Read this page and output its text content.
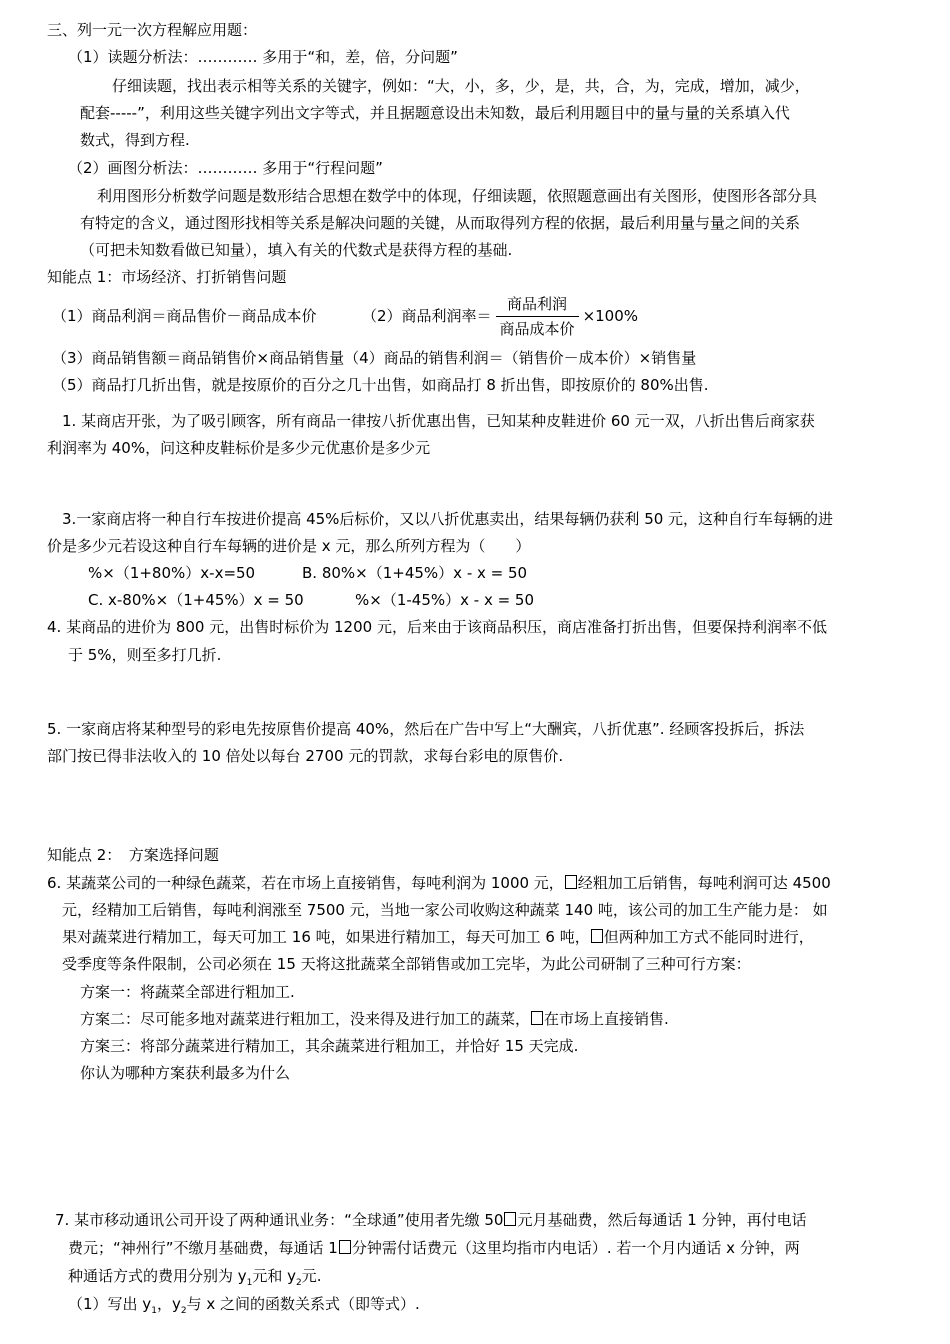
三、列一元一次方程解应用题：
（1）读题分析法：………… 多用于“和，差，倍，分问题”
仔细读题，找出表示相等关系的关键字，例如：“大，小，多，少，是，共，合，为，完成，增加，减少，
配套-----”，利用这些关键字列出文字等式，并且据题意设出未知数，最后利用题目中的量与量的关系填入代
数式，得到方程.
（2）画图分析法：………… 多用于“行程问题”
利用图形分析数学问题是数形结合思想在数学中的体现，仔细读题，依照题意画出有关图形，使图形各部分具
有特定的含义，通过图形找相等关系是解决问题的关键，从而取得列方程的依据，最后利用量与量之间的关系
（可把未知数看做已知量），填入有关的代数式是获得方程的基础.
知能点 1：市场经济、打折销售问题
（1）商品利润＝商品售价－商品成本价	（2）商品利润率＝ $\frac{\text{商品利润}}{\text{商品成本价}} \times 100\%$
（3）商品销售额＝商品销售价×商品销售量（4）商品的销售利润＝（销售价－成本价）×销售量
（5）商品打几折出售，就是按原价的百分之几十出售，如商品打 8 折出售，即按原价的 80%出售.
1. 某商店开张，为了吸引顾客，所有商品一律按八折优惠出售，已知某种皮鞋进价 60 元一双，八折出售后商家获
利润率为 40%，问这种皮鞋标价是多少元优惠价是多少元
3.一家商店将一种自行车按进价提高 45%后标价，又以八折优惠卖出，结果每辆仍获利 50 元，这种自行车每辆的进
价是多少元若设这种自行车每辆的进价是 x 元，那么所列方程为（　　）
%×（1+80%）x-x=50	B. 80%×（1+45%）x - x = 50
C. x-80%×（1+45%）x = 50	%×（1-45%）x - x = 50
4. 某商品的进价为 800 元，出售时标价为 1200 元，后来由于该商品积压，商店准备打折出售，但要保持利润率不低
于 5%，则至多打几折.
5. 一家商店将某种型号的彩电先按原售价提高 40%，然后在广告中写上“大酬宾，八折优惠”. 经顾客投拆后，拆法
部门按已得非法收入的 10 倍处以每台 2700 元的罚款，求每台彩电的原售价.
知能点 2：　方案选择问题
6. 某蔬菜公司的一种绿色蔬菜，若在市场上直接销售，每吨利润为 1000 元， 经粗加工后销售，每吨利润可达 4500
元，经精加工后销售，每吨利润涨至 7500 元，当地一家公司收购这种蔬菜 140 吨，该公司的加工生产能力是： 如
果对蔬菜进行精加工，每天可加工 16 吨，如果进行精加工，每天可加工 6 吨， 但两种加工方式不能同时进行，
受季度等条件限制，公司必须在 15 天将这批蔬菜全部销售或加工完毕，为此公司研制了三种可行方案：
方案一：将蔬菜全部进行粗加工.
方案二：尽可能多地对蔬菜进行粗加工，没来得及进行加工的蔬菜， 在市场上直接销售.
方案三：将部分蔬菜进行精加工，其余蔬菜进行粗加工，并恰好 15 天完成.
你认为哪种方案获利最多为什么
7. 某市移动通讯公司开设了两种通讯业务：“全球通”使用者先缴 50 元月基础费，然后每通话 1 分钟，再付电话
费元；“神州行”不缴月基础费，每通话 1 分钟需付话费元（这里均指市内电话）. 若一个月内通话 x 分钟，两
种通话方式的费用分别为 $y_1$元和 $y_2$元.
（1）写出 $y_1$，$y_2$与 x 之间的函数关系式（即等式）.
